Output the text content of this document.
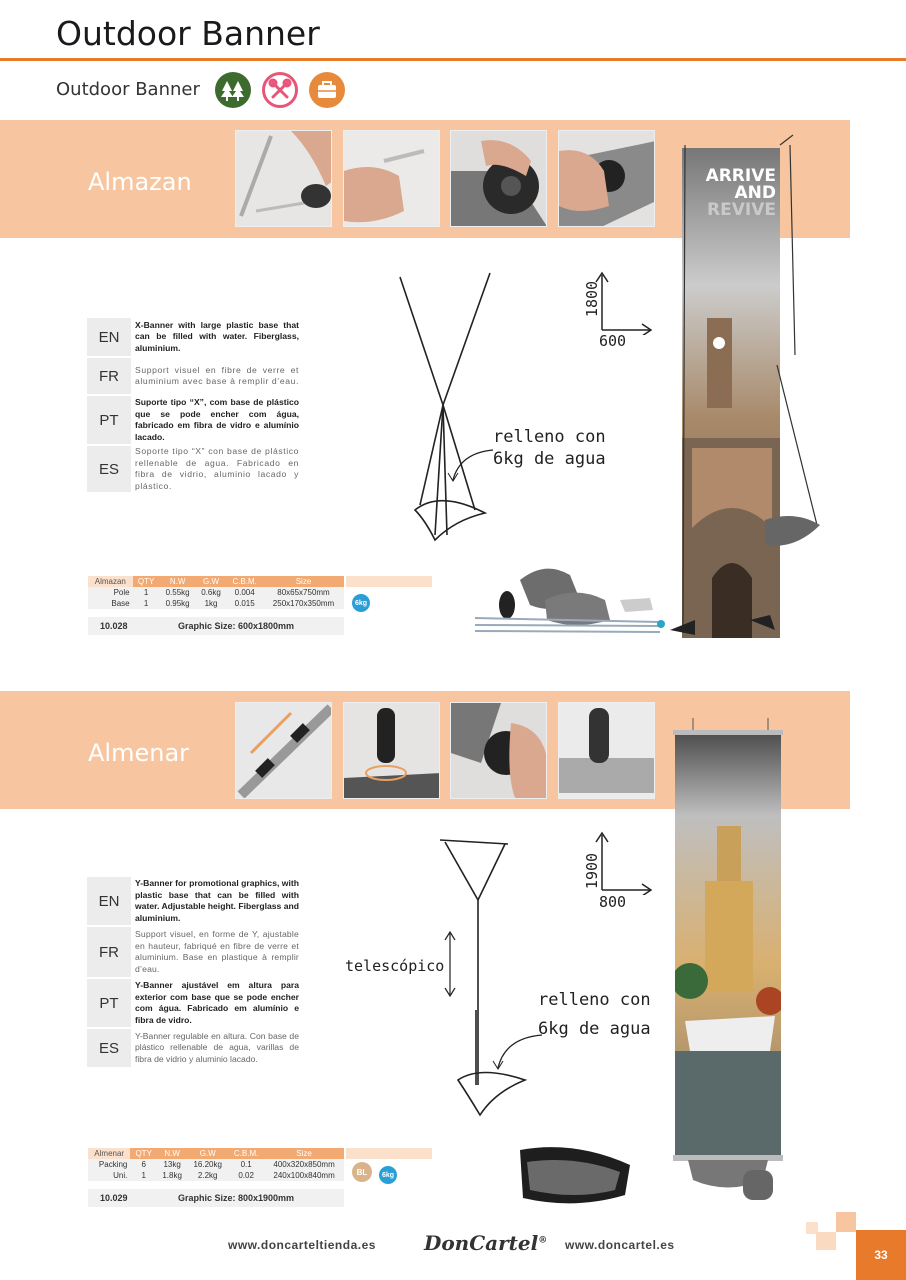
Outdoor Banner
Outdoor Banner
Almazan
relleno con
6kg de agua
1800
600
ARRIVE
AND
REVIVE
EN
X-Banner with large plastic base that can be filled with water. Fiberglass, aluminium.
FR	Support visuel en fibre de verre et aluminium avec base à remplir d’eau.
PT
Suporte tipo “X”, com base de plástico que se pode encher com água, fabricado em fibra de vidro e alumínio lacado.
ES
Soporte tipo “X” con base de plástico rellenable de agua. Fabricado en fibra de vidrio, aluminio lacado y plástico.
Almazan	QTY	N.W	G.W	C.B.M.	Size
Pole	1	0.55kg	0.6kg	0.004	80x65x750mm
Base	1	0.95kg	1kg	0.015	250x170x350mm	6kg
10.028	Graphic Size: 600x1800mm
Almenar
telescópico
relleno con
6kg de agua
1900
800
EN
Y-Banner for promotional graphics, with plastic base that can be filled with water. Adjustable height. Fiberglass and aluminium.
FR
Support visuel, en forme de Y, ajustable en hauteur, fabriqué en fibre de verre et aluminium. Base en plastique à remplir d’eau.
PT
Y-Banner ajustável em altura para exterior com base que se pode encher com água. Fabricado em alumínio e fibra de vidro.
ES
Y-Banner regulable en altura. Con base de plástico rellenable de agua, varillas de fibra de vidrio y aluminio lacado.
Almenar	QTY	N.W	G.W	C.B.M.	Size
Packing	6	13kg	16.20kg	0.1	400x320x850mm
Uni.	1	1.8kg	2.2kg	0.02	240x100x840mm	BL	6kg
10.029	Graphic Size: 800x1900mm
www.doncarteltienda.es DonCartel® www.doncartel.es
33
